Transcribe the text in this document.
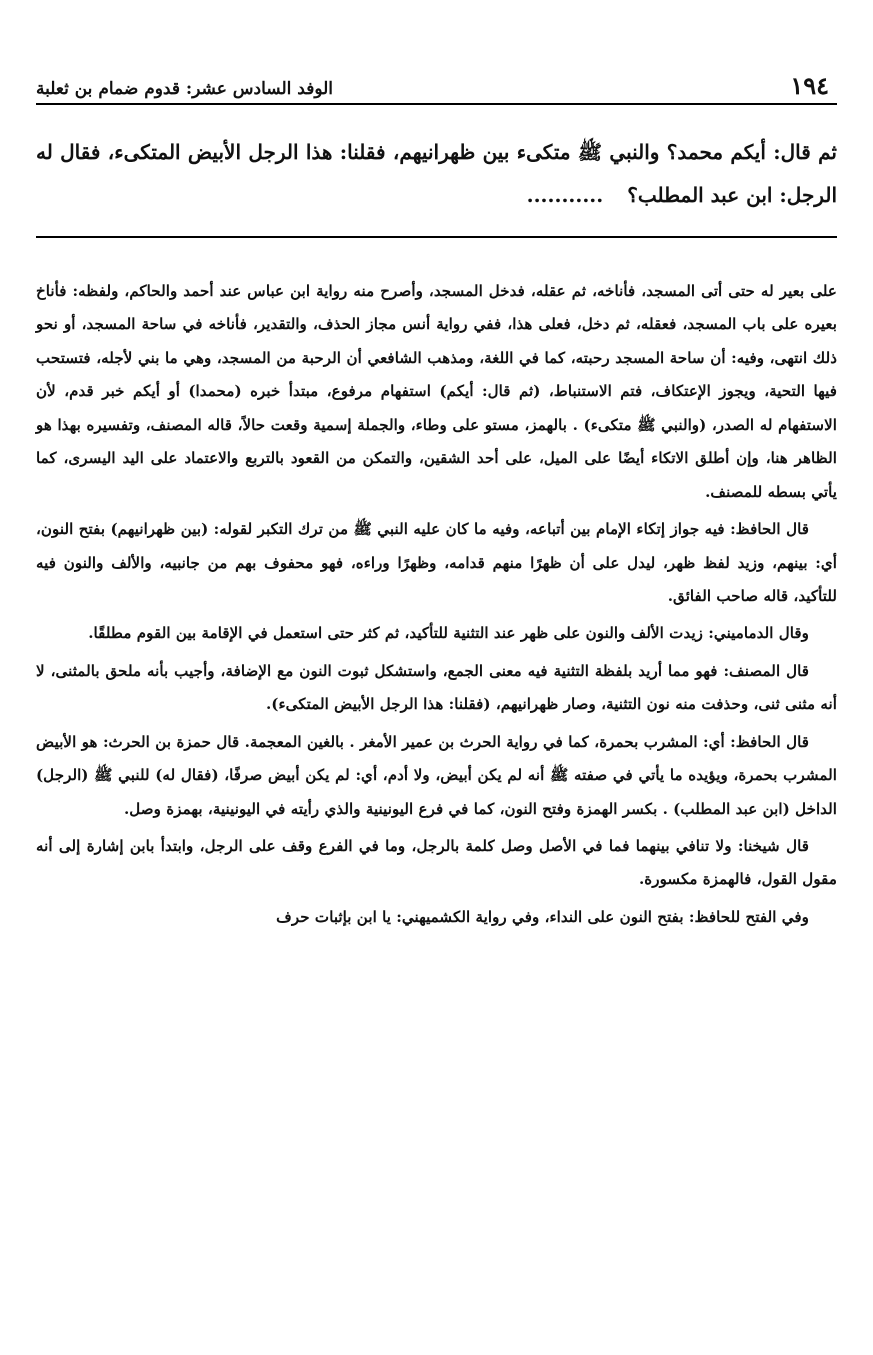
١٩٤
الوفد السادس عشر: قدوم ضمام بن ثعلبة
ثم قال: أيكم محمد؟ والنبي ﷺ متكىء بين ظهرانيهم، فقلنا: هذا الرجل الأبيض المتكىء، فقال له الرجل: ابن عبد المطلب؟...........

على بعير له حتى أتى المسجد، فأناخه، ثم عقله، فدخل المسجد، وأصرح منه رواية ابن عباس عند أحمد والحاكم، ولفظه: فأناخ بعيره على باب المسجد، فعقله، ثم دخل، فعلى هذا، ففي رواية أنس مجاز الحذف، والتقدير، فأناخه في ساحة المسجد، أو نحو ذلك انتهى، وفيه: أن ساحة المسجد رحبته، كما في اللغة، ومذهب الشافعي أن الرحبة من المسجد، وهي ما بني لأجله، فتستحب فيها التحية، ويجوز الإعتكاف، فتم الاستنباط، (ثم قال: أيكم) استفهام مرفوع، مبتدأ خبره (محمدا) أو أيكم خبر قدم، لأن الاستفهام له الصدر، (والنبي ﷺ متكىء) . بالهمز، مستو على وطاء، والجملة إسمية وقعت حالاً، قاله المصنف، وتفسيره بهذا هو الظاهر هنا، وإن أطلق الاتكاء أيضًا على الميل، على أحد الشقين، والتمكن من القعود بالتربع والاعتماد على اليد اليسرى، كما يأتي بسطه للمصنف.

قال الحافظ: فيه جواز إتكاء الإمام بين أتباعه، وفيه ما كان عليه النبي ﷺ من ترك التكبر لقوله: (بين ظهرانيهم) بفتح النون، أي: بينهم، وزيد لفظ ظهر، ليدل على أن ظهرًا منهم قدامه، وظهرًا وراءه، فهو محفوف بهم من جانبيه، والألف والنون فيه للتأكيد، قاله صاحب الفائق.

وقال الدماميني: زيدت الألف والنون على ظهر عند التثنية للتأكيد، ثم كثر حتى استعمل في الإقامة بين القوم مطلقًا.

قال المصنف: فهو مما أريد بلفظة التثنية فيه معنى الجمع، واستشكل ثبوت النون مع الإضافة، وأجيب بأنه ملحق بالمثنى، لا أنه مثنى ثنى، وحذفت منه نون التثنية، وصار ظهرانيهم، (فقلنا: هذا الرجل الأبيض المتكىء).

قال الحافظ: أي: المشرب بحمرة، كما في رواية الحرث بن عمير الأمغر . بالغين المعجمة. قال حمزة بن الحرث: هو الأبيض المشرب بحمرة، ويؤيده ما يأتي في صفته ﷺ أنه لم يكن أبيض، ولا أدم، أي: لم يكن أبيض صرفًا، (فقال له) للنبي ﷺ (الرجل) الداخل (ابن عبد المطلب) . بكسر الهمزة وفتح النون، كما في فرع اليونينية والذي رأيته في اليونينية، بهمزة وصل.

قال شيخنا: ولا تنافي بينهما فما في الأصل وصل كلمة بالرجل، وما في الفرع وقف على الرجل، وابتدأ بابن إشارة إلى أنه مقول القول، فالهمزة مكسورة.

وفي الفتح للحافظ: بفتح النون على النداء، وفي رواية الكشميهني: يا ابن بإثبات حرف
